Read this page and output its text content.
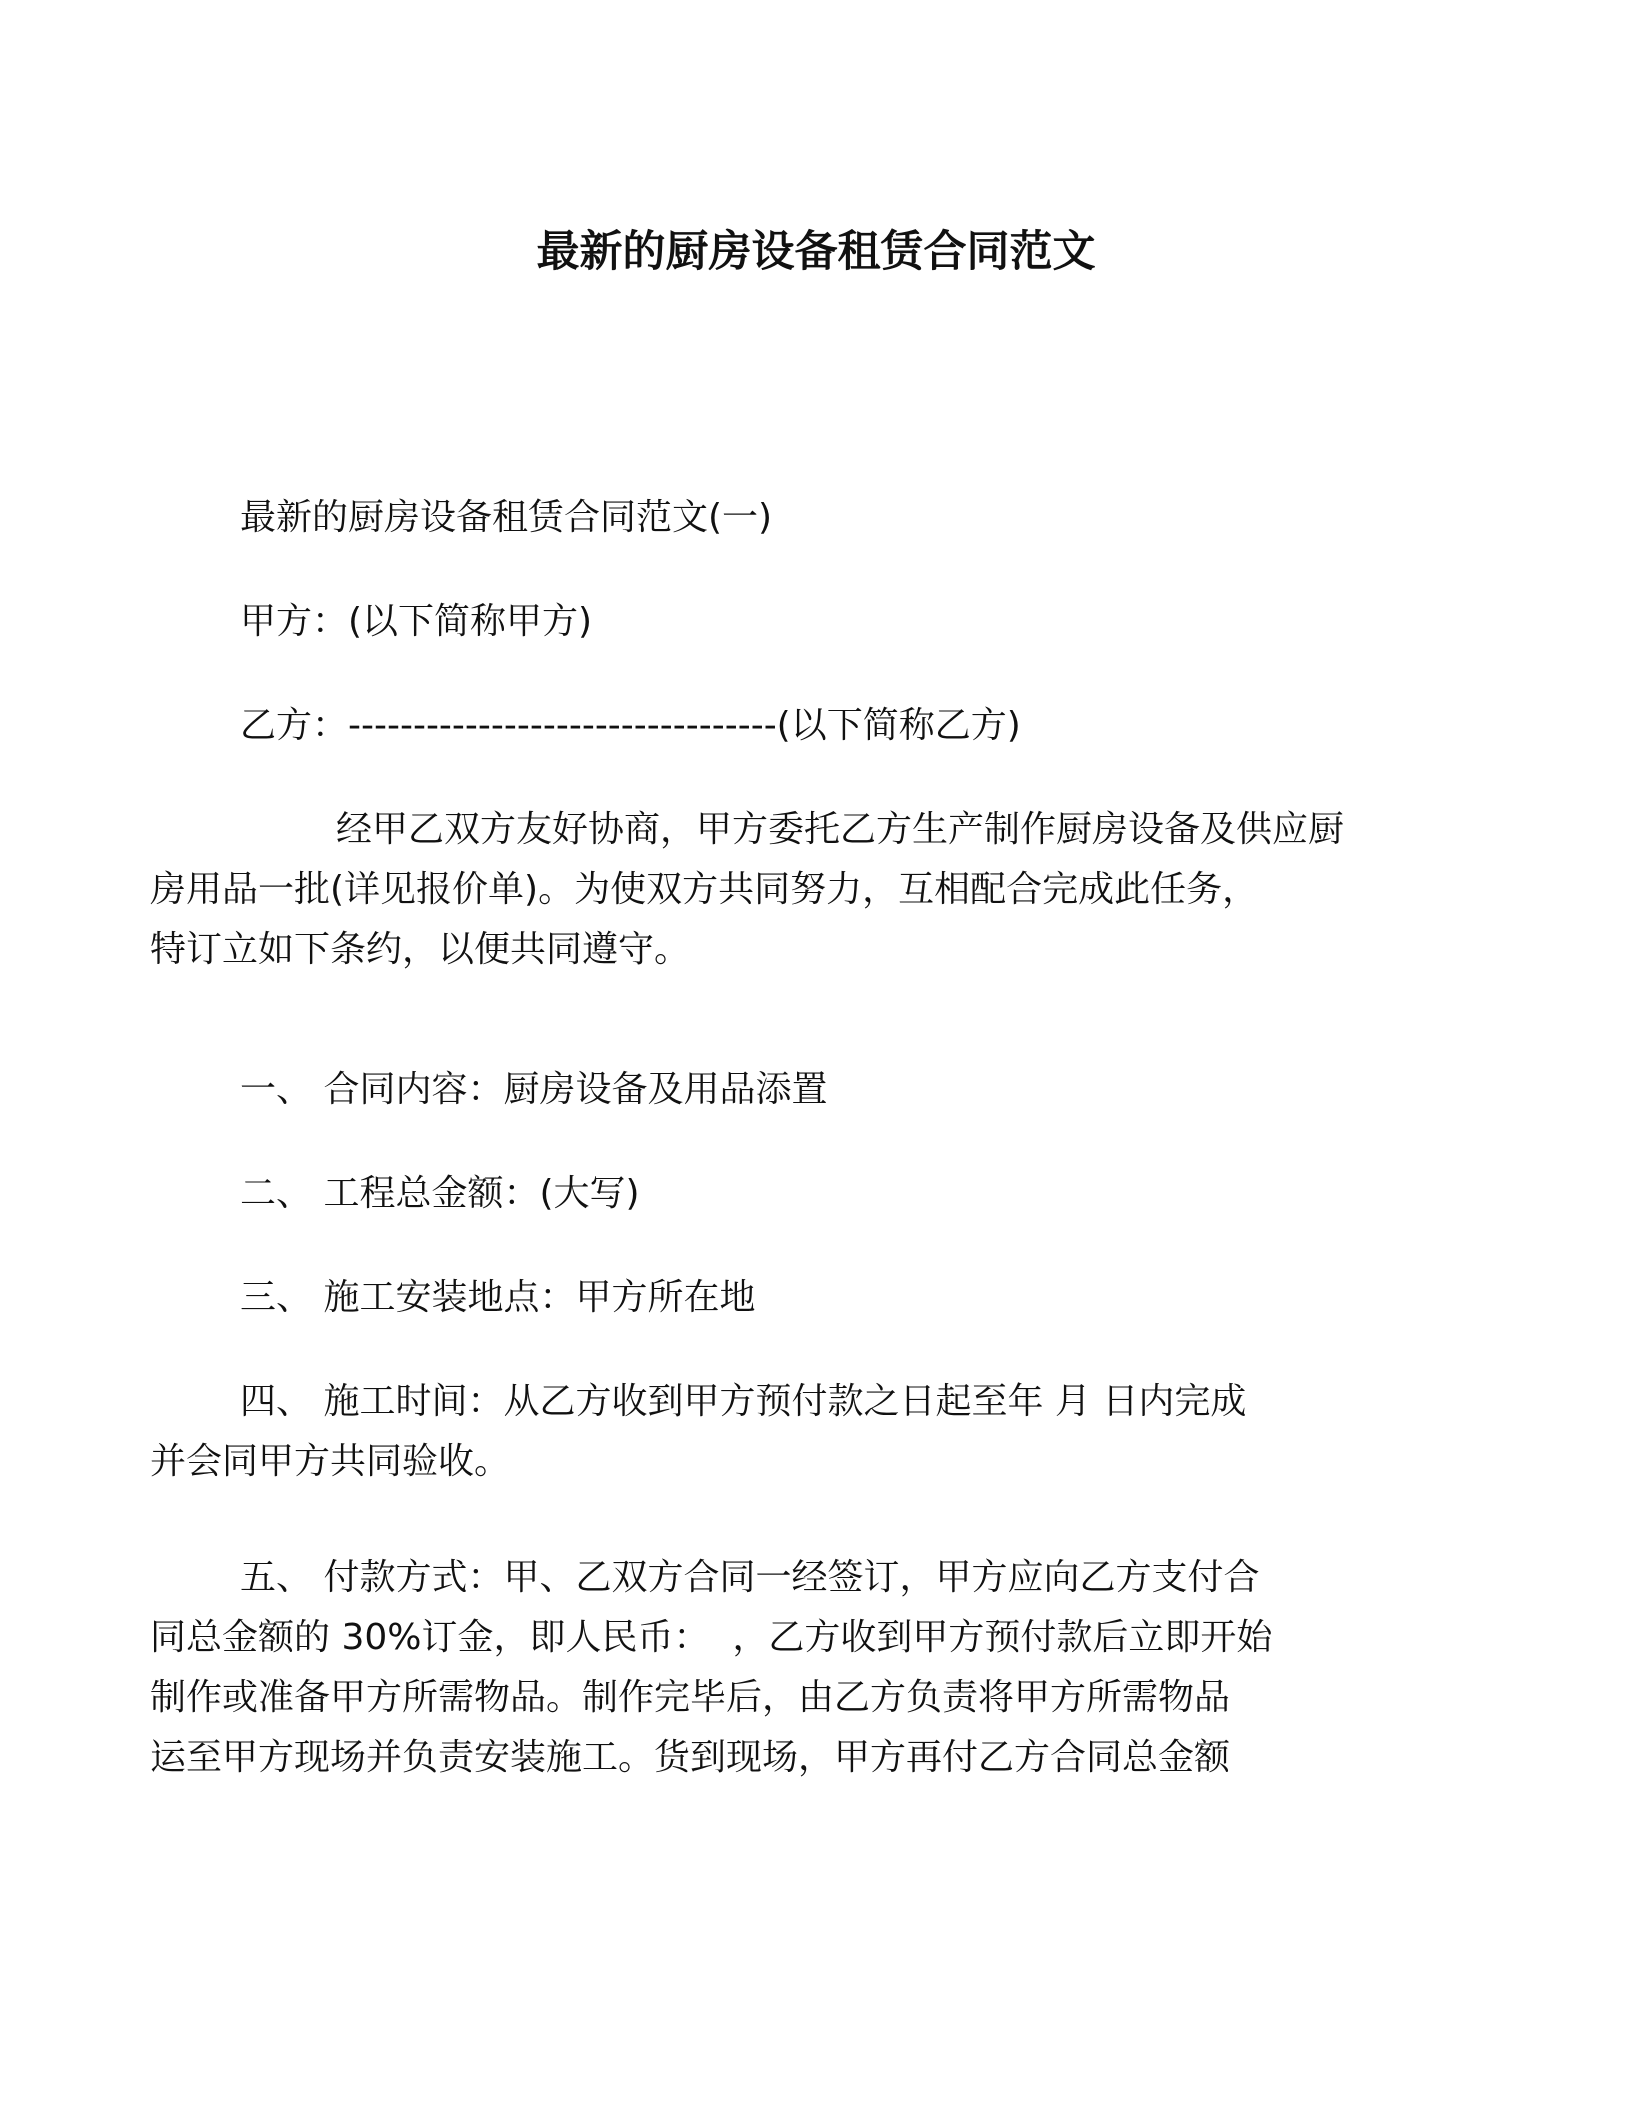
最新的厨房设备租赁合同范文
最新的厨房设备租赁合同范文(一)
甲方：(以下简称甲方)
乙方：---------------------------------(以下简称乙方)
经甲乙双方友好协商，甲方委托乙方生产制作厨房设备及供应厨
房用品一批(详见报价单)。为使双方共同努力，互相配合完成此任务，
特订立如下条约，以便共同遵守。
一、 合同内容：厨房设备及用品添置
二、 工程总金额：(大写)
三、 施工安装地点：甲方所在地
四、 施工时间：从乙方收到甲方预付款之日起至年 月 日内完成
并会同甲方共同验收。
五、 付款方式：甲、乙双方合同一经签订，甲方应向乙方支付合
同总金额的 30%订金，即人民币：  ，乙方收到甲方预付款后立即开始
制作或准备甲方所需物品。制作完毕后，由乙方负责将甲方所需物品
运至甲方现场并负责安装施工。货到现场，甲方再付乙方合同总金额
